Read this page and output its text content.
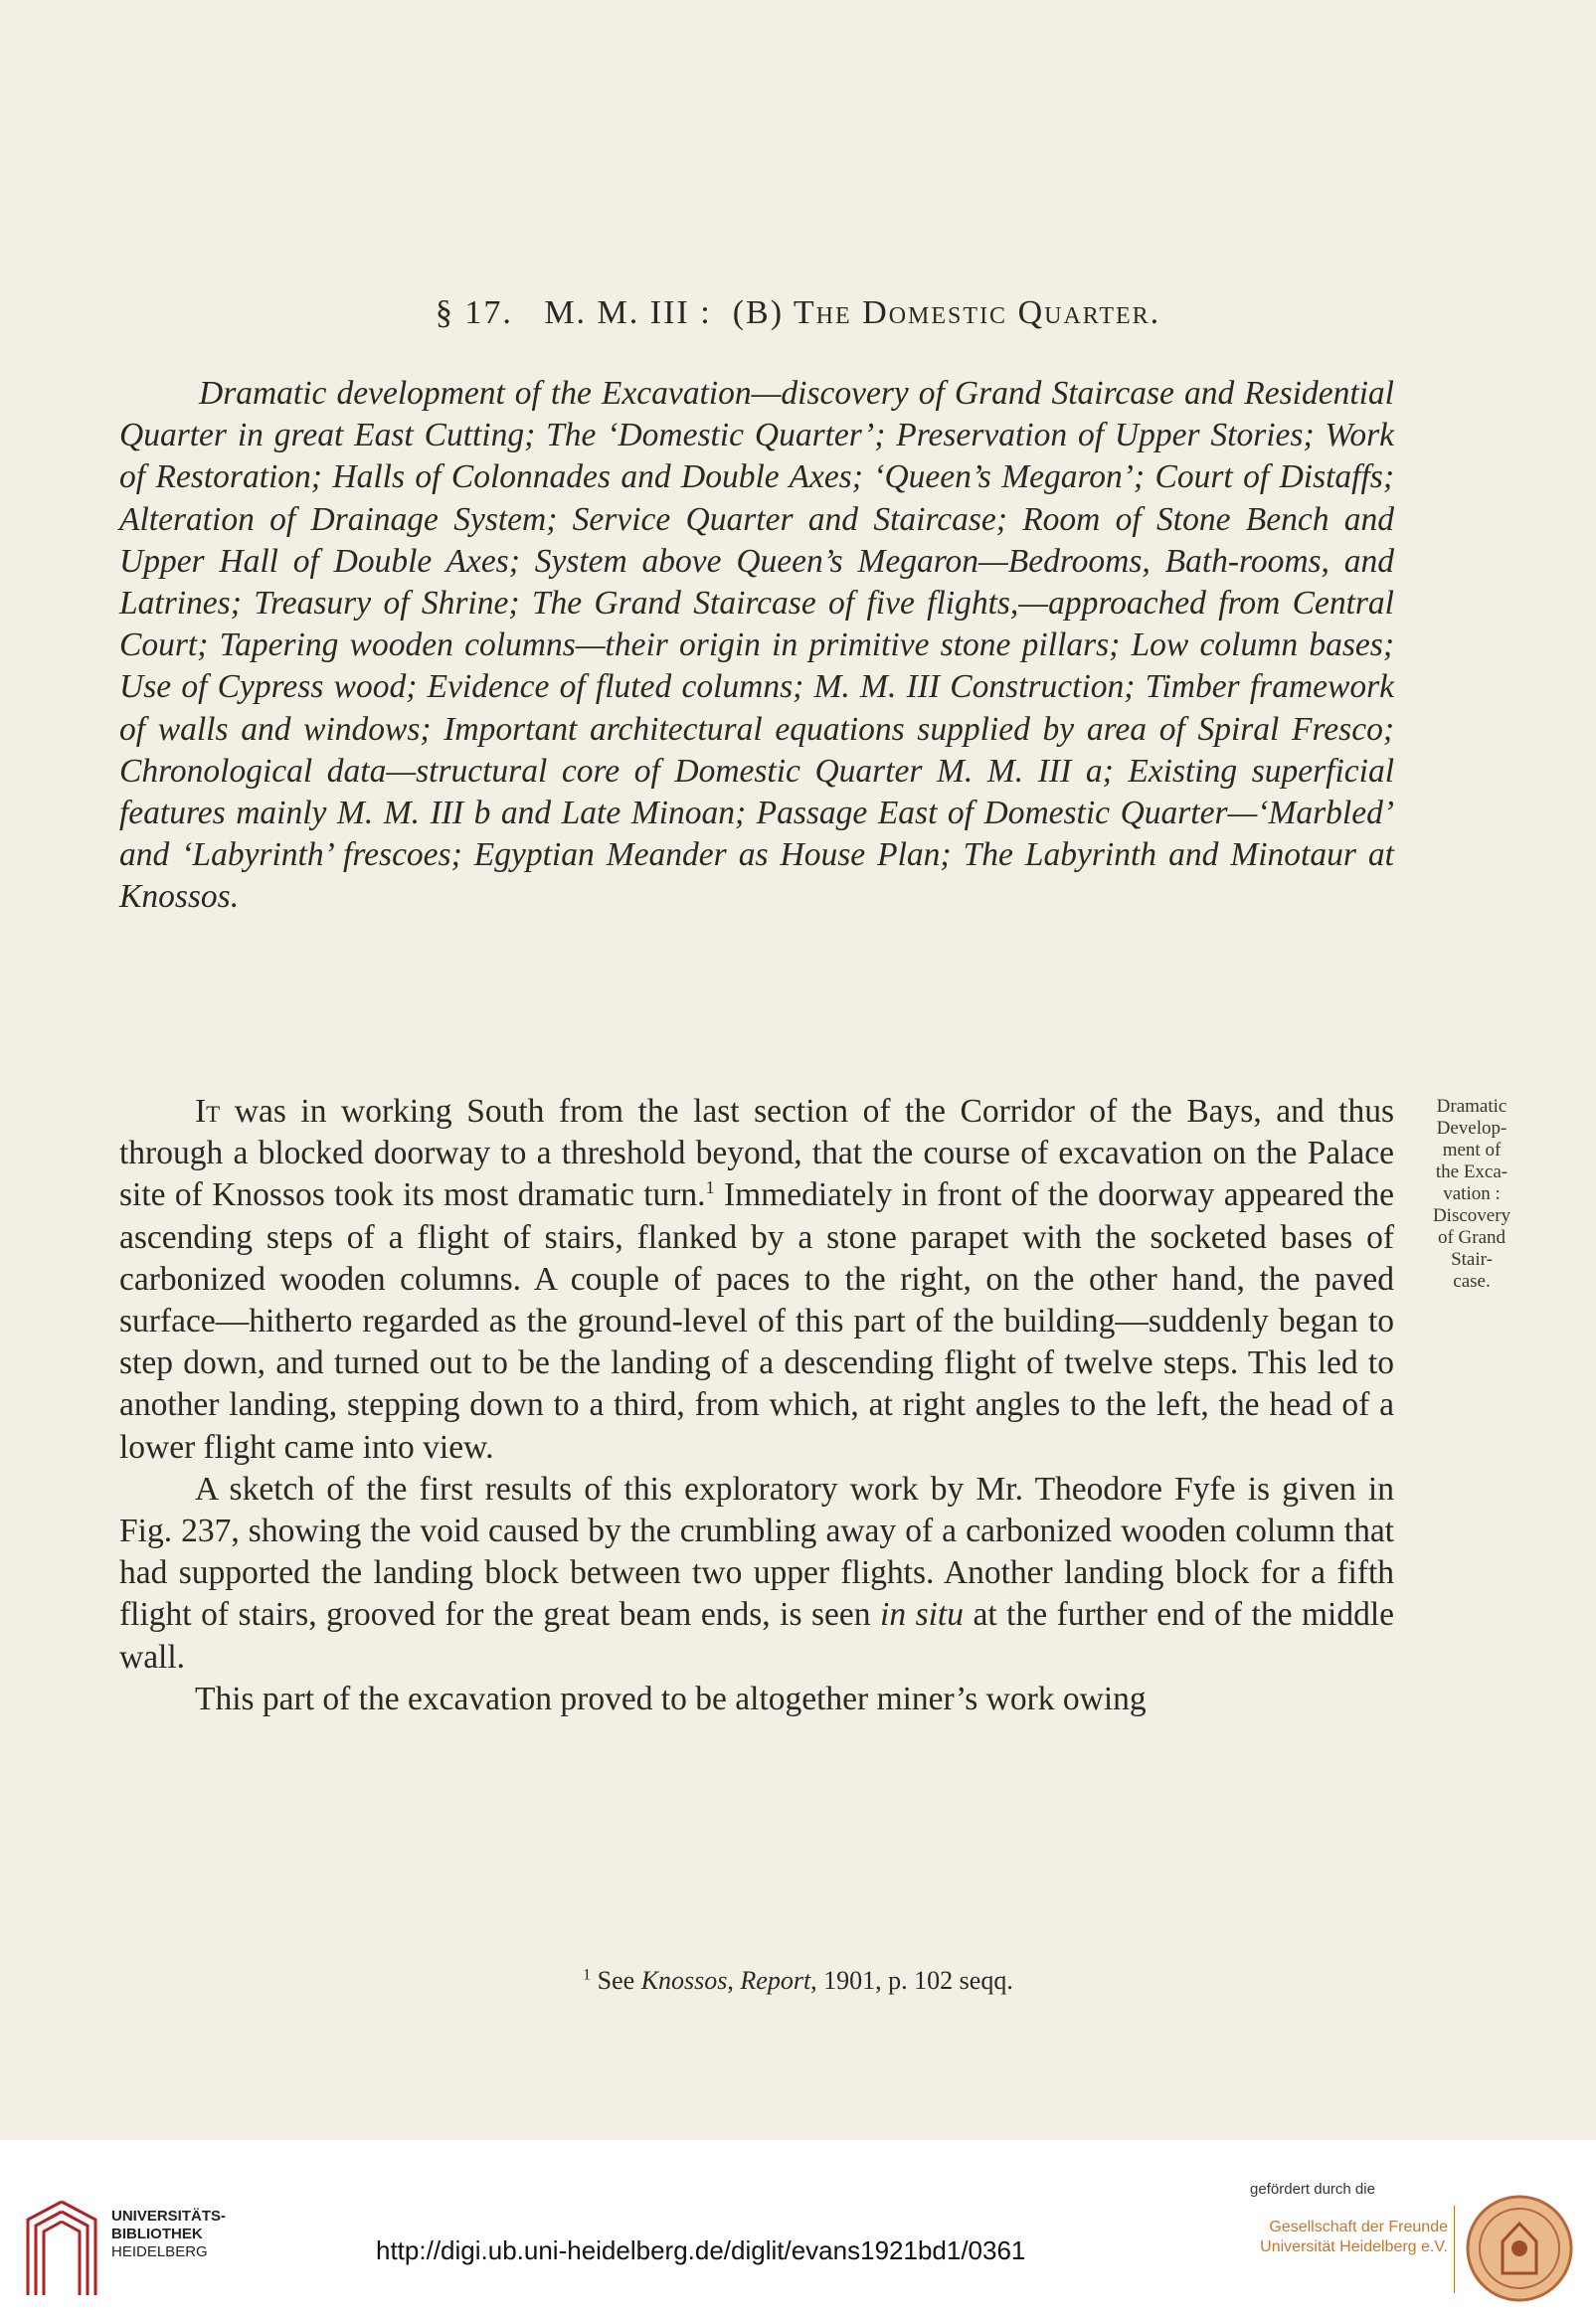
§ 17. M. M. III : (B) The Domestic Quarter.

Dramatic development of the Excavation—discovery of Grand Staircase and Residential Quarter in great East Cutting; The ‘Domestic Quarter’; Preservation of Upper Stories; Work of Restoration; Halls of Colonnades and Double Axes; ‘Queen’s Megaron’; Court of Distaffs; Alteration of Drainage System; Service Quarter and Staircase; Room of Stone Bench and Upper Hall of Double Axes; System above Queen’s Megaron—Bedrooms, Bath-rooms, and Latrines; Treasury of Shrine; The Grand Staircase of five flights,—approached from Central Court; Tapering wooden columns—their origin in primitive stone pillars; Low column bases; Use of Cypress wood; Evidence of fluted columns; M. M. III Construction; Timber framework of walls and windows; Important architectural equations supplied by area of Spiral Fresco; Chronological data—structural core of Domestic Quarter M. M. III a; Existing superficial features mainly M. M. III b and Late Minoan; Passage East of Domestic Quarter—‘Marbled’ and ‘Labyrinth’ frescoes; Egyptian Meander as House Plan; The Labyrinth and Minotaur at Knossos.

It was in working South from the last section of the Corridor of the Bays, and thus through a blocked doorway to a threshold beyond, that the course of excavation on the Palace site of Knossos took its most dramatic turn.$^1$ Immediately in front of the doorway appeared the ascending steps of a flight of stairs, flanked by a stone parapet with the socketed bases of carbonized wooden columns. A couple of paces to the right, on the other hand, the paved surface—hitherto regarded as the ground-level of this part of the building—suddenly began to step down, and turned out to be the landing of a descending flight of twelve steps. This led to another landing, stepping down to a third, from which, at right angles to the left, the head of a lower flight came into view.

A sketch of the first results of this exploratory work by Mr. Theodore Fyfe is given in Fig. 237, showing the void caused by the crumbling away of a carbonized wooden column that had supported the landing block between two upper flights. Another landing block for a fifth flight of stairs, grooved for the great beam ends, is seen in situ at the further end of the middle wall.

This part of the excavation proved to be altogether miner’s work owing

Dramatic
Develop-
ment of
the Exca-
vation :
Discovery
of Grand
Stair-
case.
$^1$ See Knossos, Report, 1901, p. 102 seqq.
UNIVERSITÄTS-
BIBLIOTHEK
HEIDELBERG	http://digi.ub.uni-heidelberg.de/diglit/evans1921bd1/0361
gefördert durch die
Gesellschaft der Freunde
Universität Heidelberg e.V.
